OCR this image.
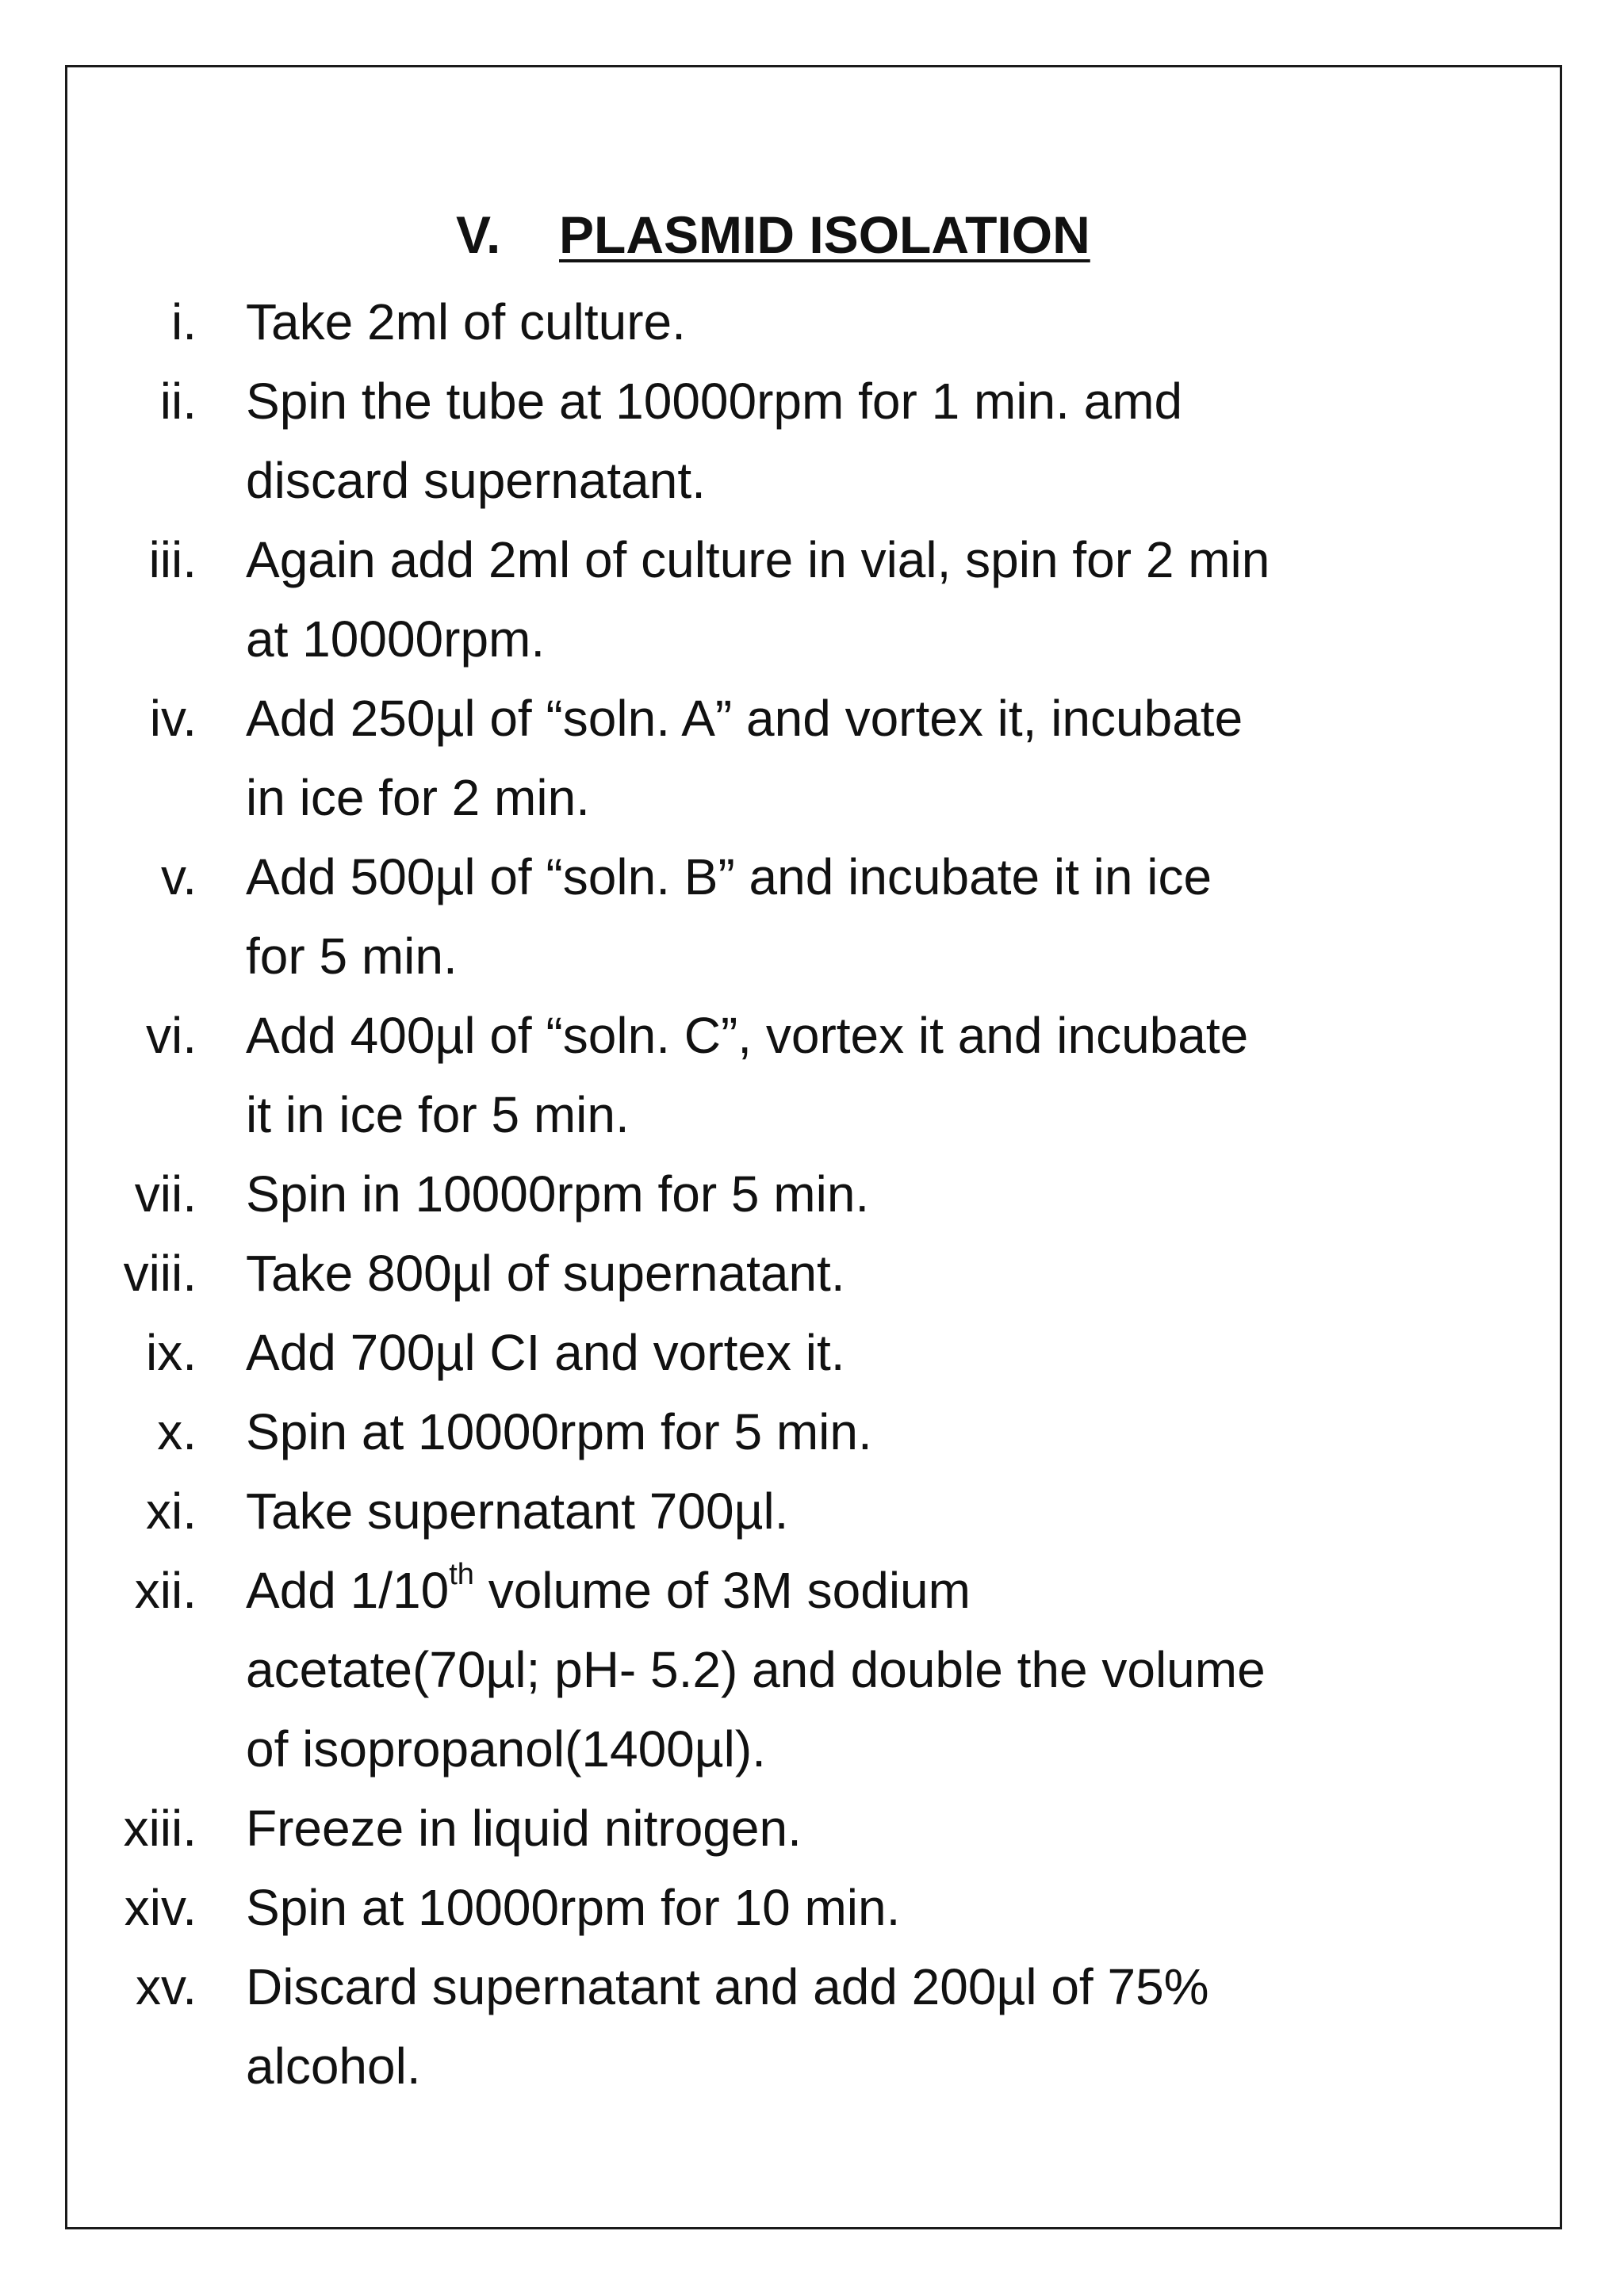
V. PLASMID ISOLATION
i. Take 2ml of culture.
ii. Spin the tube at 10000rpm for 1 min. amd
discard supernatant.
iii. Again add 2ml of culture in vial, spin for 2 min
at 10000rpm.
iv. Add 250µl of “soln. A” and vortex it, incubate
in ice for 2 min.
v. Add 500µl of “soln. B” and incubate it in ice
for 5 min.
vi. Add 400µl of “soln. C”, vortex it and incubate
it in ice for 5 min.
vii. Spin in 10000rpm for 5 min.
viii. Take 800µl of supernatant.
ix. Add 700µl CI and vortex it.
x. Spin at 10000rpm for 5 min.
xi. Take supernatant 700µl.
xii. Add 1/10th volume of 3M sodium
acetate(70µl; pH- 5.2) and double the volume
of isopropanol(1400µl).
xiii. Freeze in liquid nitrogen.
xiv. Spin at 10000rpm for 10 min.
xv. Discard supernatant and add 200µl of 75%
alcohol.
